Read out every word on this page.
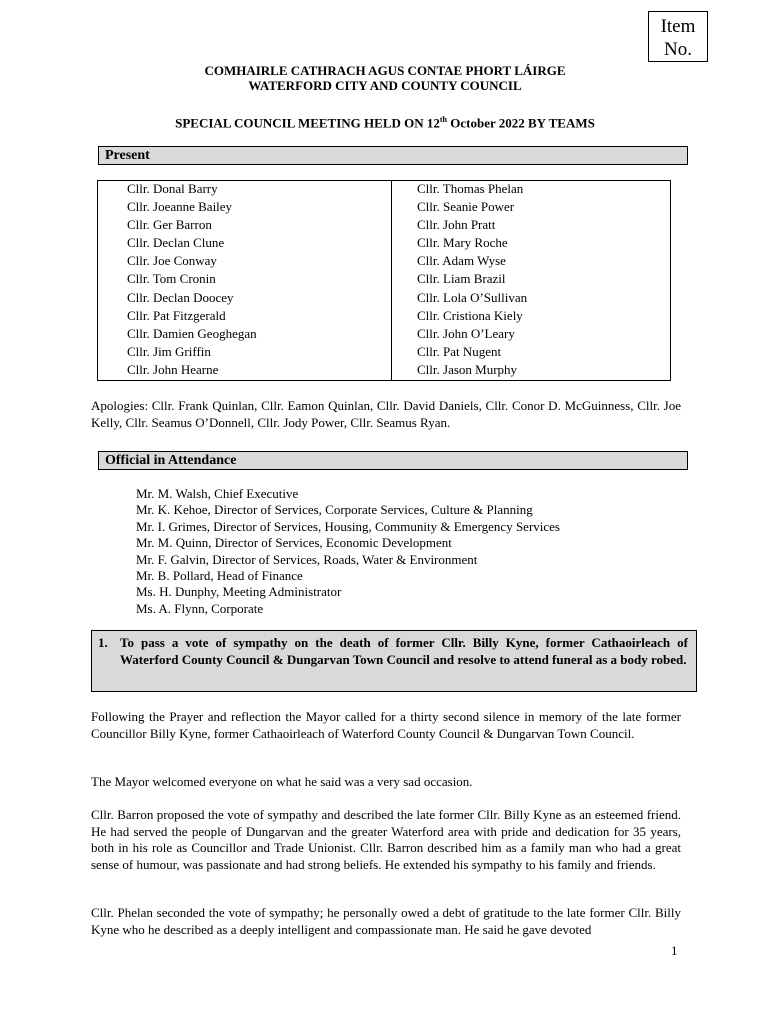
Item
No.
COMHAIRLE CATHRACH AGUS CONTAE PHORT LÁIRGE
WATERFORD CITY AND COUNTY COUNCIL
SPECIAL COUNCIL MEETING HELD ON 12th October 2022 BY TEAMS
Present
Cllr. Donal Barry	Cllr. Thomas Phelan
Cllr. Joeanne Bailey	Cllr. Seanie Power
Cllr. Ger Barron	Cllr. John Pratt
Cllr. Declan Clune	Cllr. Mary Roche
Cllr. Joe Conway	Cllr. Adam Wyse
Cllr. Tom Cronin	Cllr. Liam Brazil
Cllr. Declan Doocey	Cllr. Lola O’Sullivan
Cllr. Pat Fitzgerald	Cllr. Cristiona Kiely
Cllr. Damien Geoghegan	Cllr. John O’Leary
Cllr. Jim Griffin	Cllr. Pat Nugent
Cllr. John Hearne	Cllr. Jason Murphy
Apologies: Cllr. Frank Quinlan, Cllr. Eamon Quinlan, Cllr. David Daniels, Cllr. Conor D. McGuinness, Cllr. Joe Kelly, Cllr. Seamus O’Donnell, Cllr. Jody Power, Cllr. Seamus Ryan.
Official in Attendance
Mr. M. Walsh, Chief Executive
Mr. K. Kehoe, Director of Services, Corporate Services, Culture & Planning
Mr. I. Grimes, Director of Services, Housing, Community & Emergency Services
Mr. M. Quinn, Director of Services, Economic Development
Mr. F. Galvin, Director of Services, Roads, Water & Environment
Mr. B. Pollard, Head of Finance
Ms. H. Dunphy, Meeting Administrator
Ms. A. Flynn, Corporate
1. To pass a vote of sympathy on the death of former Cllr. Billy Kyne, former Cathaoirleach of Waterford County Council & Dungarvan Town Council and resolve to attend funeral as a body robed.
Following the Prayer and reflection the Mayor called for a thirty second silence in memory of the late former Councillor Billy Kyne, former Cathaoirleach of Waterford County Council & Dungarvan Town Council.
The Mayor welcomed everyone on what he said was a very sad occasion.
Cllr. Barron proposed the vote of sympathy and described the late former Cllr. Billy Kyne as an esteemed friend. He had served the people of Dungarvan and the greater Waterford area with pride and dedication for 35 years, both in his role as Councillor and Trade Unionist. Cllr. Barron described him as a family man who had a great sense of humour, was passionate and had strong beliefs. He extended his sympathy to his family and friends.
Cllr. Phelan seconded the vote of sympathy; he personally owed a debt of gratitude to the late former Cllr. Billy Kyne who he described as a deeply intelligent and compassionate man. He said he gave devoted
1
